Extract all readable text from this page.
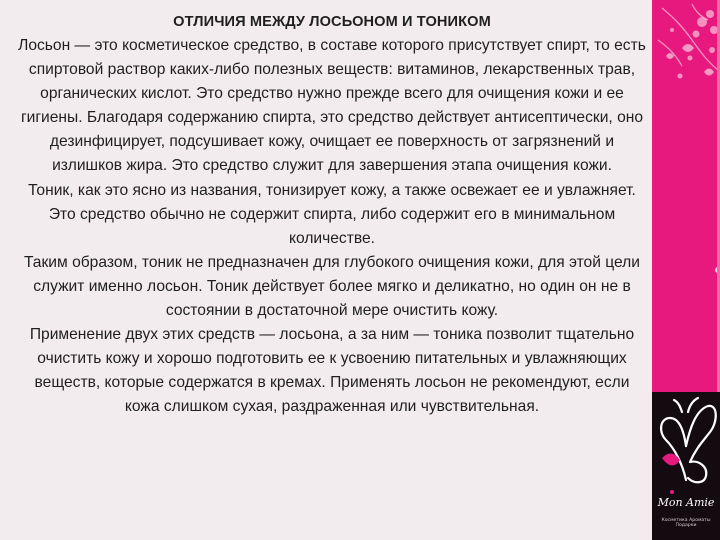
ОТЛИЧИЯ МЕЖДУ ЛОСЬОНОМ И ТОНИКОМ

Лосьон — это косметическое средство, в составе которого присутствует спирт, то есть спиртовой раствор каких-либо полезных веществ: витаминов, лекарственных трав, органических кислот. Это средство нужно прежде всего для очищения кожи и ее гигиены. Благодаря содержанию спирта, это средство действует антисептически, оно дезинфицирует, подсушивает кожу, очищает ее поверхность от загрязнений и излишков жира. Это средство служит для завершения этапа очищения кожи.

Тоник, как это ясно из названия, тонизирует кожу, а также освежает ее и увлажняет. Это средство обычно не содержит спирта, либо содержит его в минимальном количестве.

Таким образом, тоник не предназначен для глубокого очищения кожи, для этой цели служит именно лосьон. Тоник действует более мягко и деликатно, но один он не в состоянии в достаточной мере очистить кожу.

Применение двух этих средств — лосьона, а за ним — тоника позволит тщательно очистить кожу и хорошо подготовить ее к усвоению питательных и увлажняющих веществ, которые содержатся в кремах. Применять лосьон не рекомендуют, если кожа слишком сухая, раздраженная или чувствительная.

Mon Amie
Косметика Ароматы Подарки
